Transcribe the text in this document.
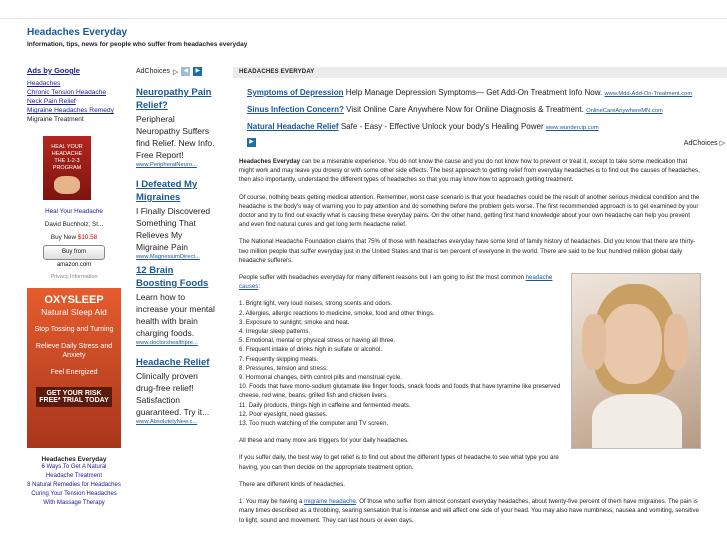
Headaches Everyday
Information, tips, news for people who suffer from headaches everyday
Ads by Google
Headaches
Chronic Tension Headache
Neck Pain Relief
Migraine Headaches Remedy
Migraine Treatment
HEAL YOUR HEADACHE
THE 1-2-3 PROGRAM
Heal Your Headache
David Buchholz, St...
Buy New $10.58
Buy from amazon.com
Privacy Information
OXYSLEEP
Natural Sleep Aid
Stop Tossing and Turning
Relieve Daily Stress and Anxiety
Feel Energized
GET YOUR RISK FREE* TRIAL TODAY
Headaches Everyday
6 Ways To Get A Natural Headache Treatment
8 Natural Remedies for Headaches
Curing Your Tension Headaches With Massage Therapy
AdChoices ▷ ◀	▶
Neuropathy Pain Relief?
Peripheral Neuropathy Suffers find Relief. New Info. Free Report!
www.PeripheralNeuro...
I Defeated My Migraines
I Finally Discovered Something That Relieves My Migraine Pain
www.MagnesiumDirect...
12 Brain Boosting Foods
Learn how to increase your mental health with brain charging foods.
www.doctorshealthpre...
Headache Relief
Clinically proven drug-free relief! Satisfaction guaranteed. Try it...
www.AbsolutelyNew.c...
HEADACHES EVERYDAY
Symptoms of Depression Help Manage Depression Symptoms— Get Add-On Treatment Info Now. www.Mdd-Add-On-Treatment.com
Sinus Infection Concern? Visit Online Care Anywhere Now for Online Diagnosis & Treatment. OnlineCareAnywhereMN.com
Natural Headache Relief Safe - Easy - Effective Unlock your body's Healing Power www.wundercip.com
▶	AdChoices ▷

Headaches Everyday can be a miserable experience. You do not know the cause and you do not know how to prevent or treat it, except to take some medication that might work and may leave you drowsy or with some other side effects. The best approach to getting relief from everyday headaches is to find out the causes of headaches, then also importantly, understand the different types of headaches so that you may know how to approach getting treatment.

Of course, nothing beats getting medical attention. Remember, worst case scenario is that your headaches could be the result of another serious medical condition and the headache is the body's way of warning you to pay attention and do something before the problem gets worse. The first recommended approach is to get examined by your doctor and try to find out exactly what is causing these everyday pains. On the other hand, getting first hand knowledge about your own headache can help you prevent and even find natural cures and get long term headache relief.

The National Headache Foundation claims that 75% of those with headaches everyday have some kind of family history of headaches. Did you know that there are thirty-two million people that suffer everyday just in the United States and that is ten percent of everyone in the world. There are said to be four hundred million global daily headache sufferers.

People suffer with headaches everyday for many different reasons but I am going to list the most common headache causes:

1. Bright light, very loud noises, strong scents and odors.
2. Allergies, allergic reactions to medicine, smoke, food and other things.
3. Exposure to sunlight, smoke and heat.
4. Irregular sleep patterns.
5. Emotional, mental or physical stress or having all three.
6. Frequent intake of drinks high in sulfate or alcohol.
7. Frequently skipping meals.
8. Pressures, tension and stress.
9. Hormonal changes, birth control pills and menstrual cycle.
10. Foods that have mono-sodium glutamate like finger foods, snack foods and foods that have tyramine like preserved cheese, red wine, beans, grilled fish and chicken livers.
11. Daily products, things high in caffeine and fermented meats.
12. Poor eyesight, need glasses.
13. Too much watching of the computer and TV screen.

All these and many more are triggers for your daily headaches.

If you suffer daily, the best way to get relief is to find out about the different types of headache to see what type you are having, you can then decide on the appropriate treatment option.

There are different kinds of headaches.

1. You may be having a migraine headache. Of those who suffer from almost constant everyday headaches, about twenty-five percent of them have migraines. The pain is many times described as a throbbing, searing sensation that is intense and will affect one side of your head. You may also have numbness, nausea and vomiting, sensitive to light, sound and movement. They can last hours or even days.
